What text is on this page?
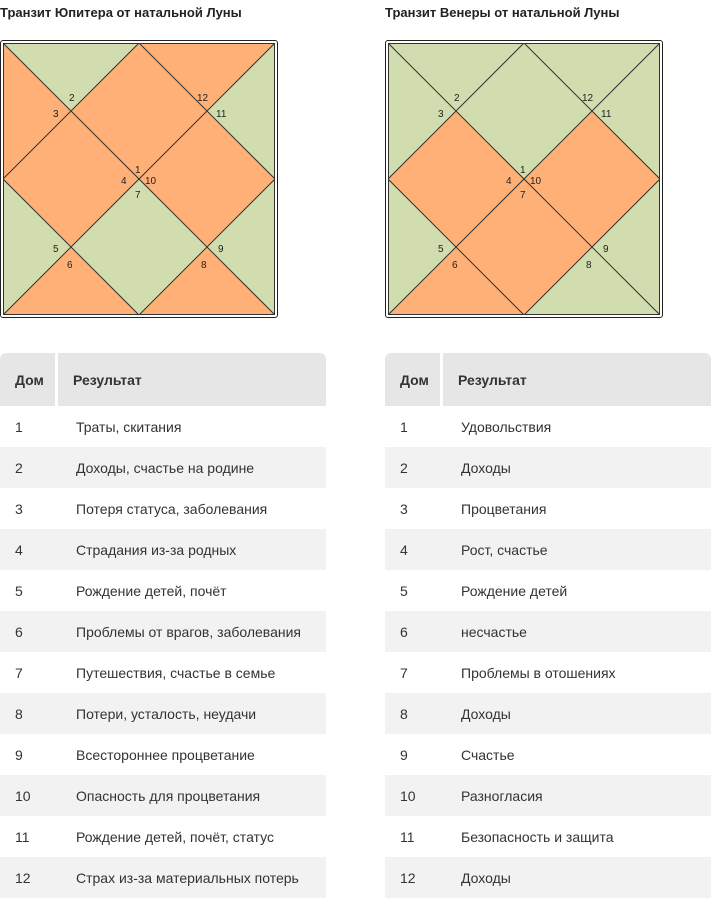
Транзит Юпитера от натальной Луны
1
2
3
4
5
6
7
8
9
10
11
12
Дом	Результат
1	Траты, скитания
2	Доходы, счастье на родине
3	Потеря статуса, заболевания
4	Страдания из-за родных
5	Рождение детей, почёт
6	Проблемы от врагов, заболевания
7	Путешествия, счастье в семье
8	Потери, усталость, неудачи
9	Всестороннее процветание
10	Опасность для процветания
11	Рождение детей, почёт, статус
12	Страх из-за материальных потерь
Транзит Венеры от натальной Луны
1
2
3
4
5
6
7
8
9
10
11
12
Дом	Результат
1	Удовольствия
2	Доходы
3	Процветания
4	Рост, счастье
5	Рождение детей
6	несчастье
7	Проблемы в отошениях
8	Доходы
9	Счастье
10	Разногласия
11	Безопасность и защита
12	Доходы
